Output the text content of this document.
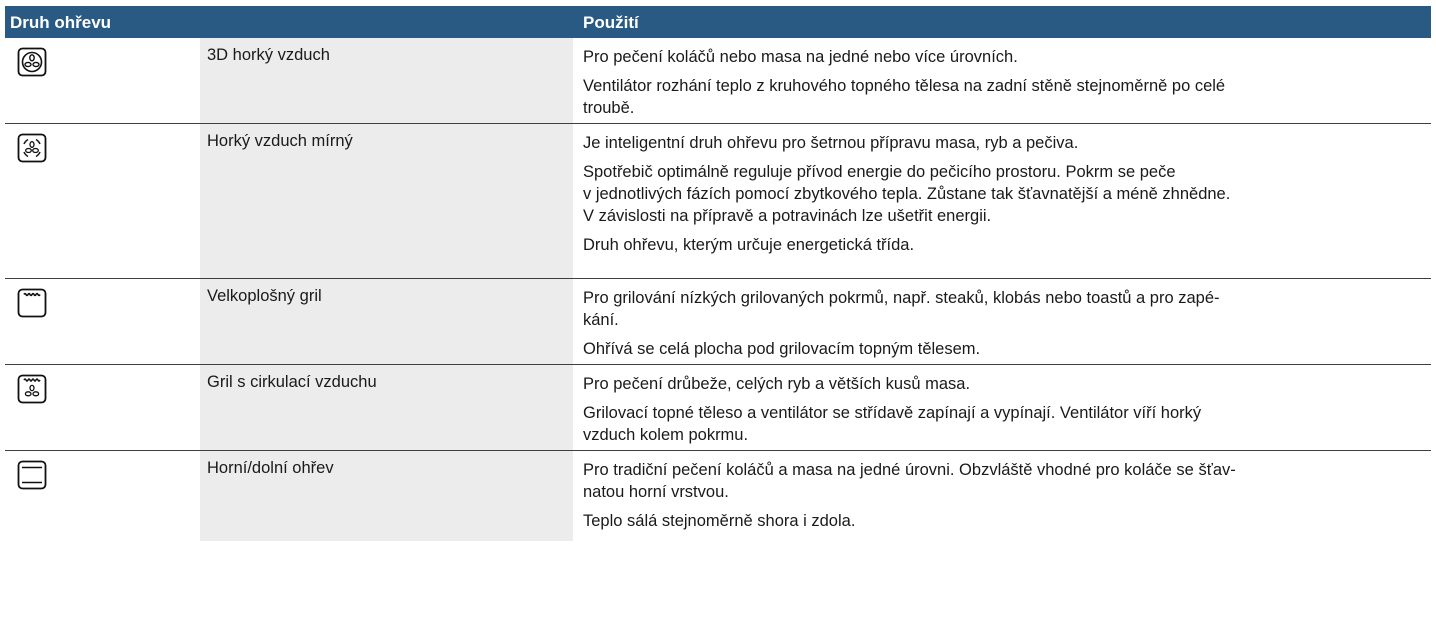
Druh ohřevu	Použití
3D horký vzduch	Pro pečení koláčů nebo masa na jedné nebo více úrovních.

Ventilátor rozhání teplo z kruhového topného tělesa na zadní stěně stejnoměrně po celé
troubě.

Horký vzduch mírný	Je inteligentní druh ohřevu pro šetrnou přípravu masa, ryb a pečiva.

Spotřebič optimálně reguluje přívod energie do pečicího prostoru. Pokrm se peče
v jednotlivých fázích pomocí zbytkového tepla. Zůstane tak šťavnatější a méně zhnědne.
V závislosti na přípravě a potravinách lze ušetřit energii.

Druh ohřevu, kterým určuje energetická třída.

Velkoplošný gril	Pro grilování nízkých grilovaných pokrmů, např. steaků, klobás nebo toastů a pro zapé-
kání.

Ohřívá se celá plocha pod grilovacím topným tělesem.

Gril s cirkulací vzduchu	Pro pečení drůbeže, celých ryb a větších kusů masa.

Grilovací topné těleso a ventilátor se střídavě zapínají a vypínají. Ventilátor víří horký
vzduch kolem pokrmu.

Horní/dolní ohřev	Pro tradiční pečení koláčů a masa na jedné úrovni. Obzvláště vhodné pro koláče se šťav-
natou horní vrstvou.

Teplo sálá stejnoměrně shora i zdola.
